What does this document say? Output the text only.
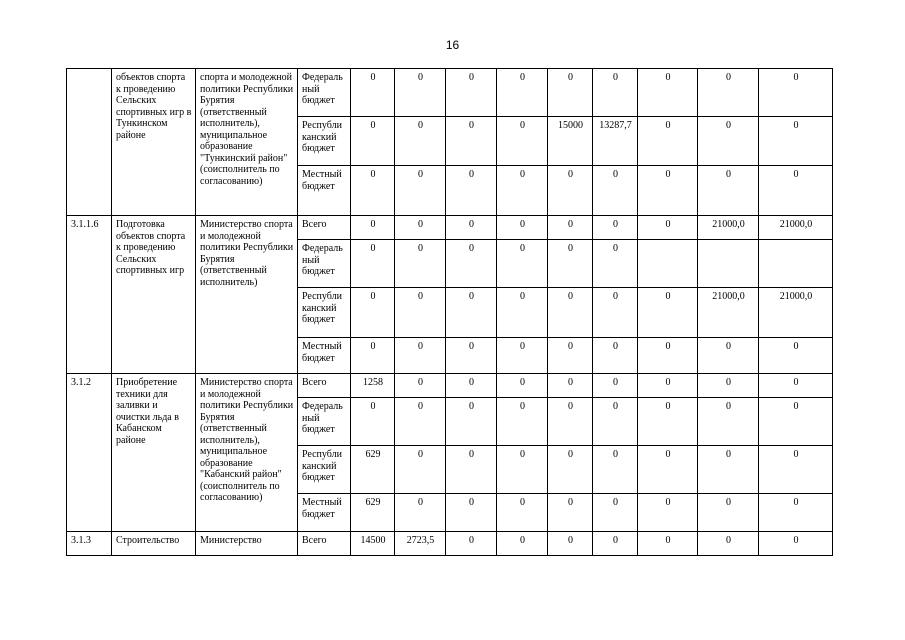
16
	объектов спорта к проведению Сельских спортивных игр в Тункинском районе	спорта и молодежной политики Республики Бурятия (ответственный исполнитель), муниципальное образование "Тункинский район" (соисполнитель по согласованию)	Федераль ный бюджет	0	0	0	0	0	0	0	0	0
			Республи канский бюджет	0	0	0	0	15000	13287,7	0	0	0
			Местный бюджет	0	0	0	0	0	0	0	0	0
3.1.1.6	Подготовка объектов спорта к проведению Сельских спортивных игр	Министерство спорта и молодежной политики Республики Бурятия (ответственный исполнитель)	Всего	0	0	0	0	0	0	0	21000,0	21000,0
			Федераль ный бюджет	0	0	0	0	0	0			
			Республи канский бюджет	0	0	0	0	0	0	0	21000,0	21000,0
			Местный бюджет	0	0	0	0	0	0	0	0	0
3.1.2	Приобретение техники для заливки и очистки льда в Кабанском районе	Министерство спорта и молодежной политики Республики Бурятия (ответственный исполнитель), муниципальное образование "Кабанский район" (соисполнитель по согласованию)	Всего	1258	0	0	0	0	0	0	0	0
			Федераль ный бюджет	0	0	0	0	0	0	0	0	0
			Республи канский бюджет	629	0	0	0	0	0	0	0	0
			Местный бюджет	629	0	0	0	0	0	0	0	0
3.1.3	Строительство	Министерство	Всего	14500	2723,5	0	0	0	0	0	0	0
